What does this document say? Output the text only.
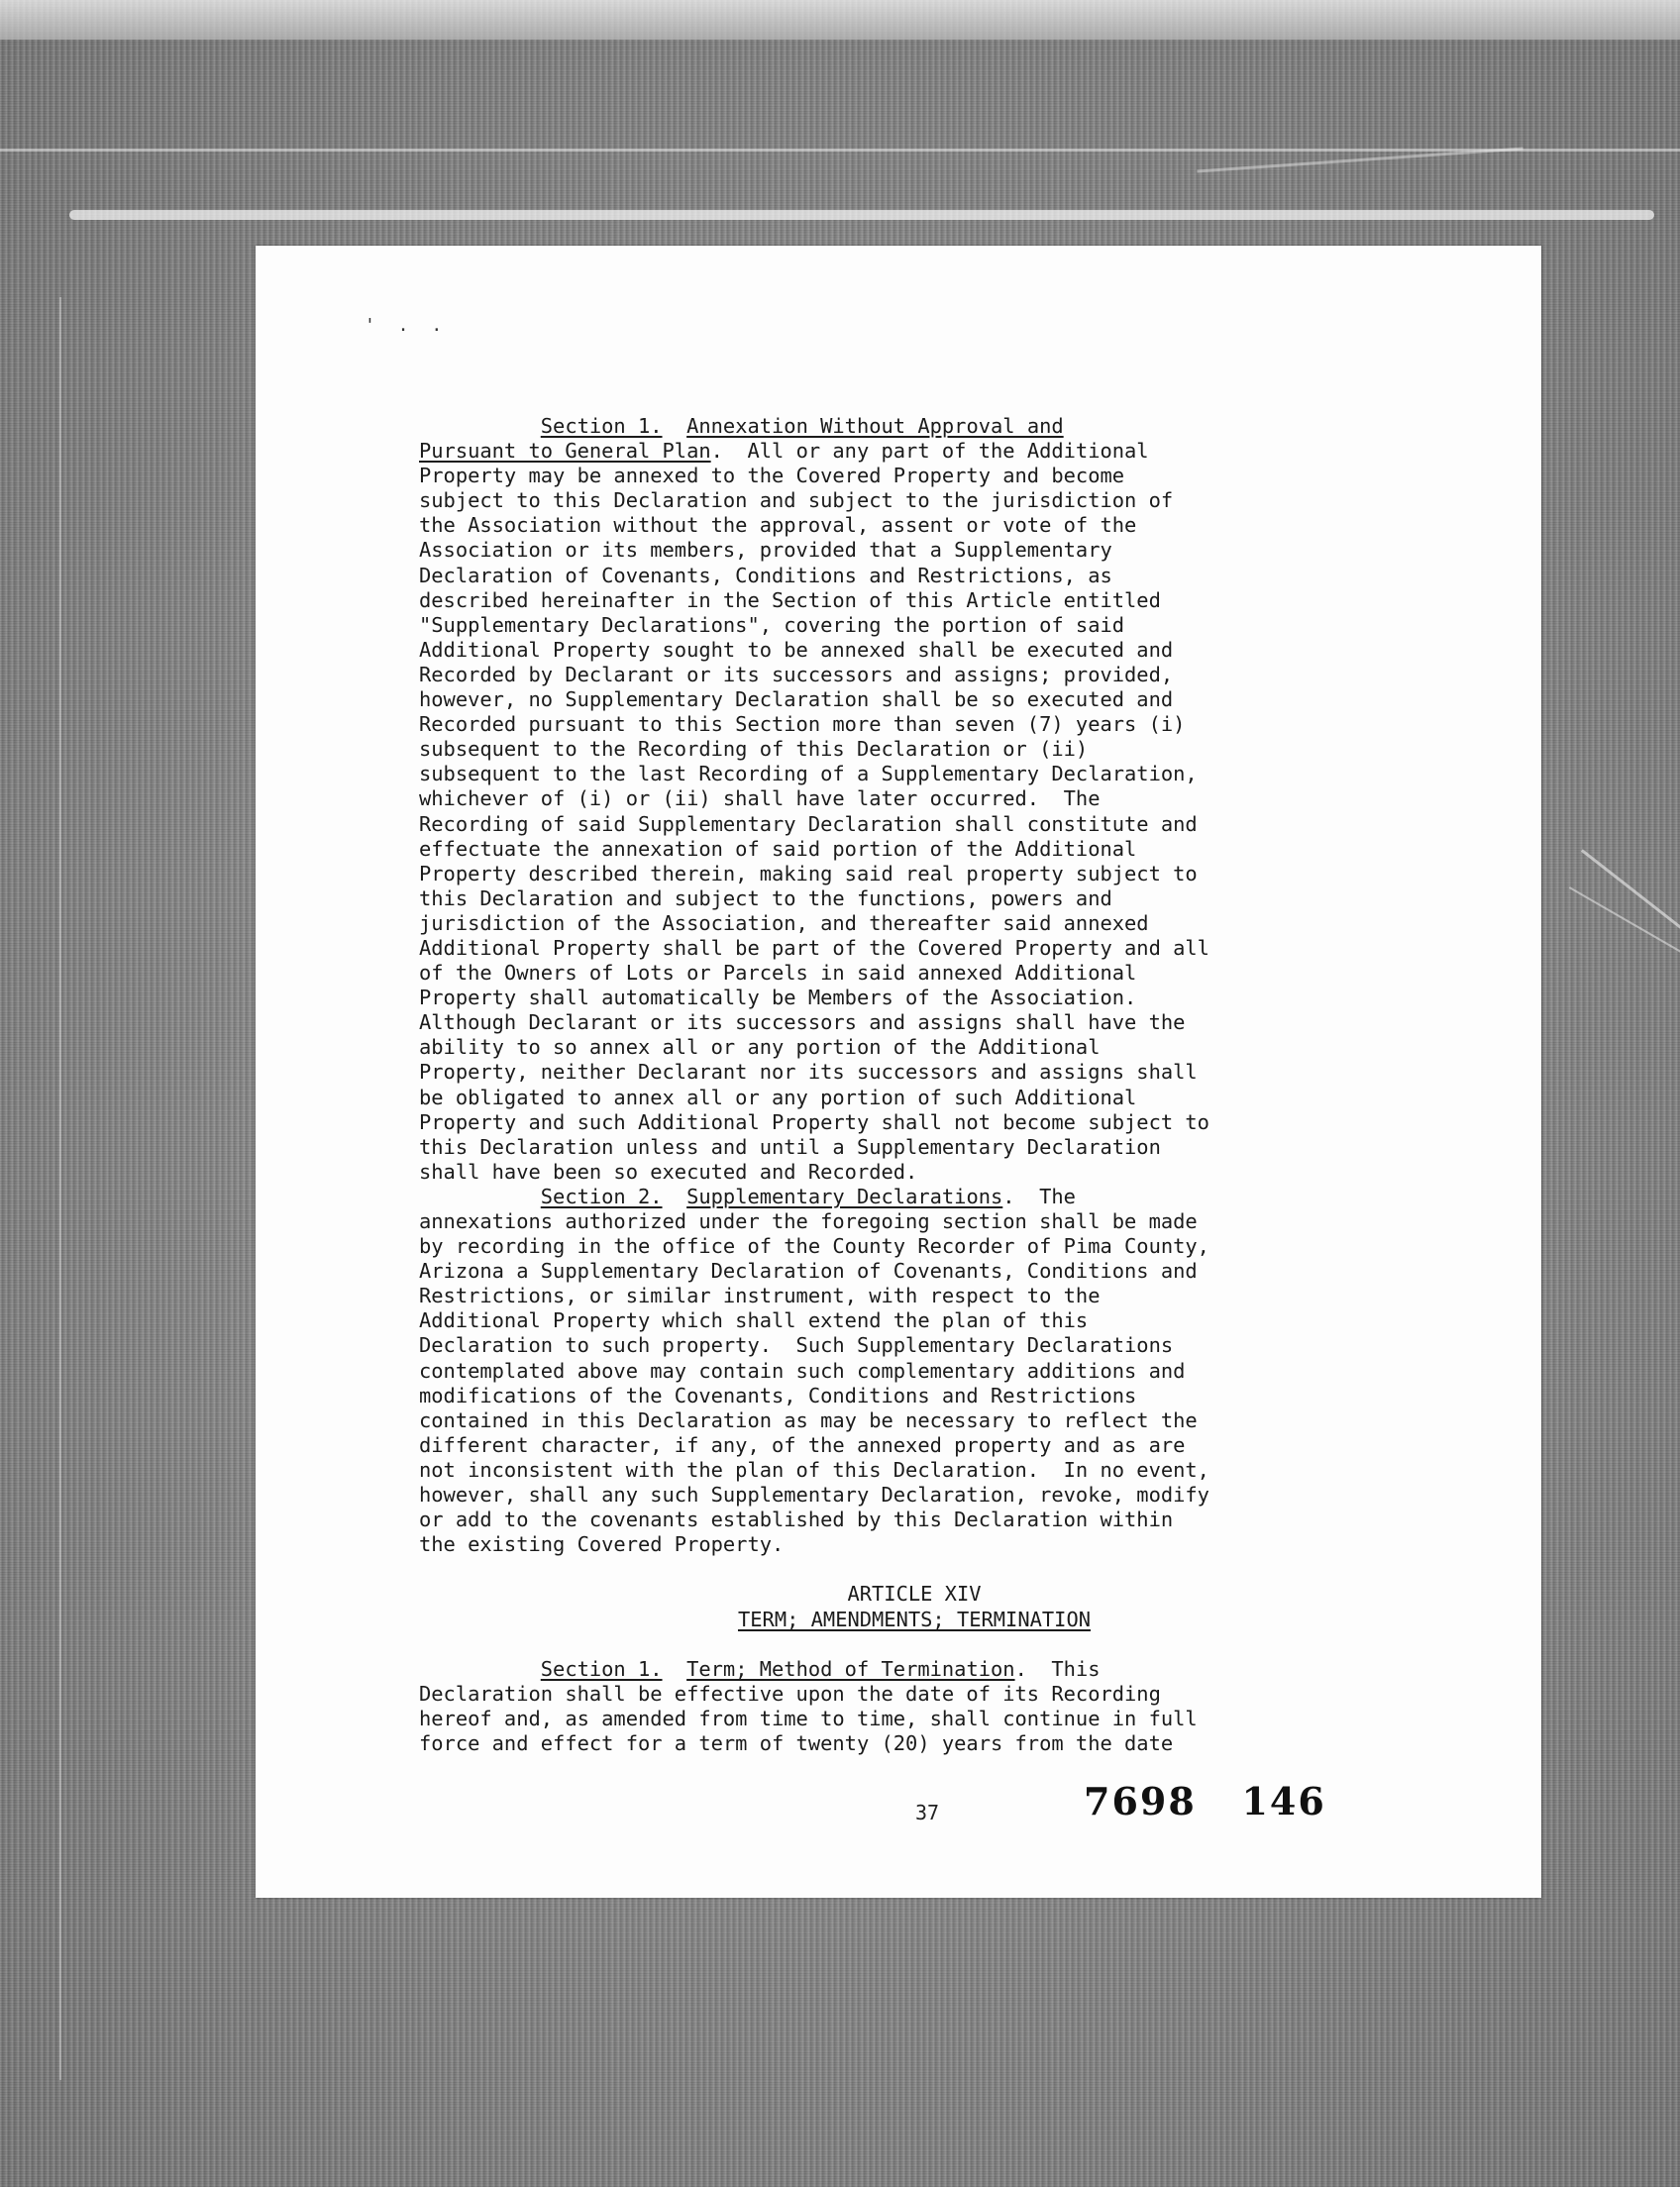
' . .
Section 1. Annexation Without Approval and
Pursuant to General Plan.  All or any part of the Additional
Property may be annexed to the Covered Property and become
subject to this Declaration and subject to the jurisdiction of
the Association without the approval, assent or vote of the
Association or its members, provided that a Supplementary
Declaration of Covenants, Conditions and Restrictions, as
described hereinafter in the Section of this Article entitled
"Supplementary Declarations", covering the portion of said
Additional Property sought to be annexed shall be executed and
Recorded by Declarant or its successors and assigns; provided,
however, no Supplementary Declaration shall be so executed and
Recorded pursuant to this Section more than seven (7) years (i)
subsequent to the Recording of this Declaration or (ii)
subsequent to the last Recording of a Supplementary Declaration,
whichever of (i) or (ii) shall have later occurred.  The
Recording of said Supplementary Declaration shall constitute and
effectuate the annexation of said portion of the Additional
Property described therein, making said real property subject to
this Declaration and subject to the functions, powers and
jurisdiction of the Association, and thereafter said annexed
Additional Property shall be part of the Covered Property and all
of the Owners of Lots or Parcels in said annexed Additional
Property shall automatically be Members of the Association.
Although Declarant or its successors and assigns shall have the
ability to so annex all or any portion of the Additional
Property, neither Declarant nor its successors and assigns shall
be obligated to annex all or any portion of such Additional
Property and such Additional Property shall not become subject to
this Declaration unless and until a Supplementary Declaration
shall have been so executed and Recorded.
Section 2. Supplementary Declarations.  The
annexations authorized under the foregoing section shall be made
by recording in the office of the County Recorder of Pima County,
Arizona a Supplementary Declaration of Covenants, Conditions and
Restrictions, or similar instrument, with respect to the
Additional Property which shall extend the plan of this
Declaration to such property.  Such Supplementary Declarations
contemplated above may contain such complementary additions and
modifications of the Covenants, Conditions and Restrictions
contained in this Declaration as may be necessary to reflect the
different character, if any, of the annexed property and as are
not inconsistent with the plan of this Declaration.  In no event,
however, shall any such Supplementary Declaration, revoke, modify
or add to the covenants established by this Declaration within
the existing Covered Property.
ARTICLE XIV
TERM; AMENDMENTS; TERMINATION
Section 1. Term; Method of Termination.  This
Declaration shall be effective upon the date of its Recording
hereof and, as amended from time to time, shall continue in full
force and effect for a term of twenty (20) years from the date
37	7698   146
